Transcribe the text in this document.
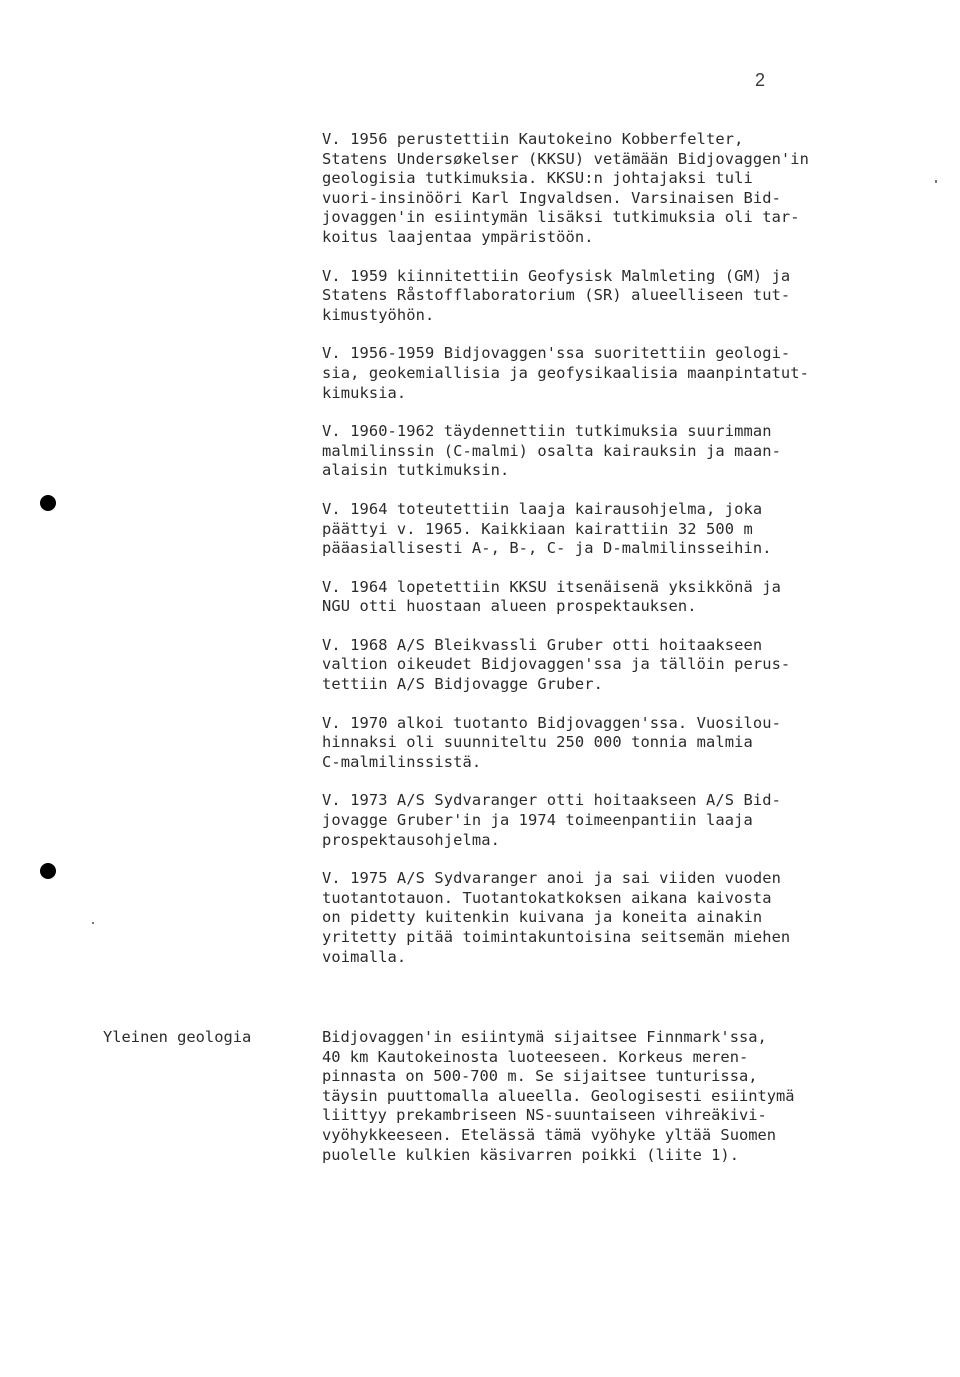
2
V. 1956 perustettiin Kautokeino Kobberfelter,
Statens Undersøkelser (KKSU) vetämään Bidjovaggen'in
geologisia tutkimuksia. KKSU:n johtajaksi tuli
vuori-insinööri Karl Ingvaldsen. Varsinaisen Bid-
jovaggen'in esiintymän lisäksi tutkimuksia oli tar-
koitus laajentaa ympäristöön.
V. 1959 kiinnitettiin Geofysisk Malmleting (GM) ja
Statens Råstofflaboratorium (SR) alueelliseen tut-
kimustyöhön.
V. 1956-1959 Bidjovaggen'ssa suoritettiin geologi-
sia, geokemiallisia ja geofysikaalisia maanpintatut-
kimuksia.
V. 1960-1962 täydennettiin tutkimuksia suurimman
malmilinssin (C-malmi) osalta kairauksin ja maan-
alaisin tutkimuksin.
V. 1964 toteutettiin laaja kairausohjelma, joka
päättyi v. 1965. Kaikkiaan kairattiin 32 500 m
pääasiallisesti A-, B-, C- ja D-malmilinsseihin.
V. 1964 lopetettiin KKSU itsenäisenä yksikkönä ja
NGU otti huostaan alueen prospektauksen.
V. 1968 A/S Bleikvassli Gruber otti hoitaakseen
valtion oikeudet Bidjovaggen'ssa ja tällöin perus-
tettiin A/S Bidjovagge Gruber.
V. 1970 alkoi tuotanto Bidjovaggen'ssa. Vuosilou-
hinnaksi oli suunniteltu 250 000 tonnia malmia
C-malmilinssistä.
V. 1973 A/S Sydvaranger otti hoitaakseen A/S Bid-
jovagge Gruber'in ja 1974 toimeenpantiin laaja
prospektausohjelma.
V. 1975 A/S Sydvaranger anoi ja sai viiden vuoden
tuotantotauon. Tuotantokatkoksen aikana kaivosta
on pidetty kuitenkin kuivana ja koneita ainakin
yritetty pitää toimintakuntoisina seitsemän miehen
voimalla.
Yleinen geologia	Bidjovaggen'in esiintymä sijaitsee Finnmark'ssa,
40 km Kautokeinosta luoteeseen. Korkeus meren-
pinnasta on 500-700 m. Se sijaitsee tunturissa,
täysin puuttomalla alueella. Geologisesti esiintymä
liittyy prekambriseen NS-suuntaiseen vihreäkivi-
vyöhykkeeseen. Etelässä tämä vyöhyke yltää Suomen
puolelle kulkien käsivarren poikki (liite 1).
